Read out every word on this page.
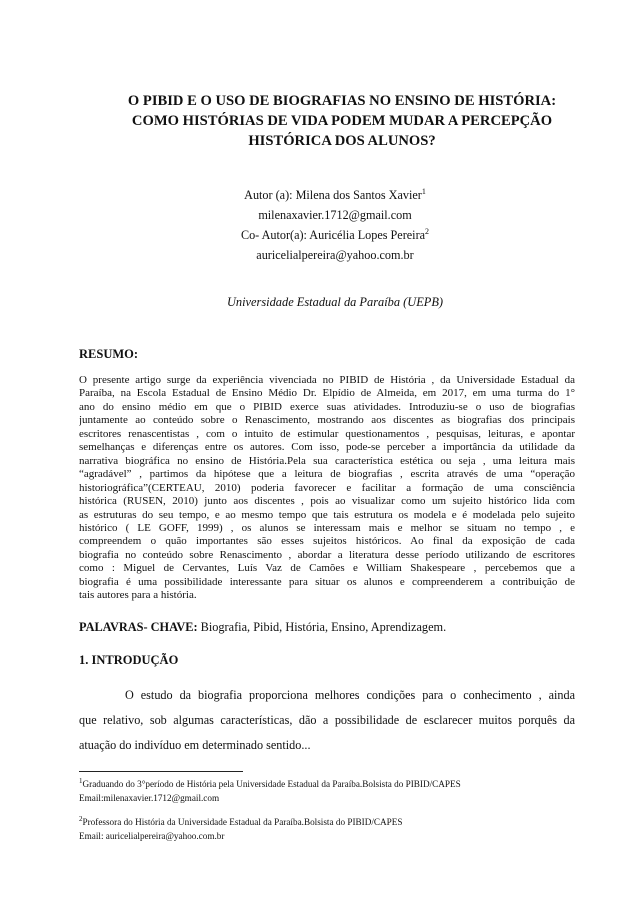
O PIBID E O USO DE BIOGRAFIAS NO ENSINO DE HISTÓRIA:
COMO HISTÓRIAS DE VIDA PODEM MUDAR A PERCEPÇÃO
HISTÓRICA DOS ALUNOS?
Autor (a): Milena dos Santos Xavier$^1$
milenaxavier.1712@gmail.com
Co- Autor(a): Auricélia Lopes Pereira$^2$
auricelialpereira@yahoo.com.br
Universidade Estadual da Paraíba (UEPB)
RESUMO:
O presente artigo surge da experiência vivenciada no PIBID de História , da Universidade Estadual da
Paraíba, na Escola Estadual de Ensino Médio Dr. Elpídio de Almeida, em 2017, em uma turma do 1°
ano do ensino médio em que o PIBID exerce suas atividades. Introduziu-se o uso de biografias
juntamente ao conteúdo sobre o Renascimento, mostrando aos discentes as biografias dos principais
escritores renascentistas , com o intuito de estimular questionamentos , pesquisas, leituras, e apontar
semelhanças e diferenças entre os autores. Com isso, pode-se perceber a importância da utilidade da
narrativa biográfica no ensino de História.Pela sua característica estética ou seja , uma leitura mais
“agradável” , partimos da hipótese que a leitura de biografias , escrita através de uma “operação
historiográfica”(CERTEAU, 2010) poderia favorecer e facilitar a formação de uma consciência
histórica (RUSEN, 2010) junto aos discentes , pois ao visualizar como um sujeito histórico lida com
as estruturas do seu tempo, e ao mesmo tempo que tais estrutura os modela e é modelada pelo sujeito
histórico ( LE GOFF, 1999) , os alunos se interessam mais e melhor se situam no tempo , e
compreendem o quão importantes são esses sujeitos históricos. Ao final da exposição de cada
biografia no conteúdo sobre Renascimento , abordar a literatura desse período utilizando de escritores
como : Miguel de Cervantes, Luís Vaz de Camões e William Shakespeare , percebemos que a
biografia é uma possibilidade interessante para situar os alunos e compreenderem a contribuição de
tais autores para a história.
PALAVRAS- CHAVE: Biografia, Pibid, História, Ensino, Aprendizagem.
1. INTRODUÇÃO
O estudo da biografia proporciona melhores condições para o conhecimento , ainda
que relativo, sob algumas características, dão a possibilidade de esclarecer muitos porquês da
atuação do indivíduo em determinado sentido...
$^1$Graduando do 3°período de História pela Universidade Estadual da Paraíba.Bolsista do PIBID/CAPES
Email:milenaxavier.1712@gmail.com
$^2$Professora do História da Universidade Estadual da Paraíba.Bolsista do PIBID/CAPES
Email: auricelialpereira@yahoo.com.br
